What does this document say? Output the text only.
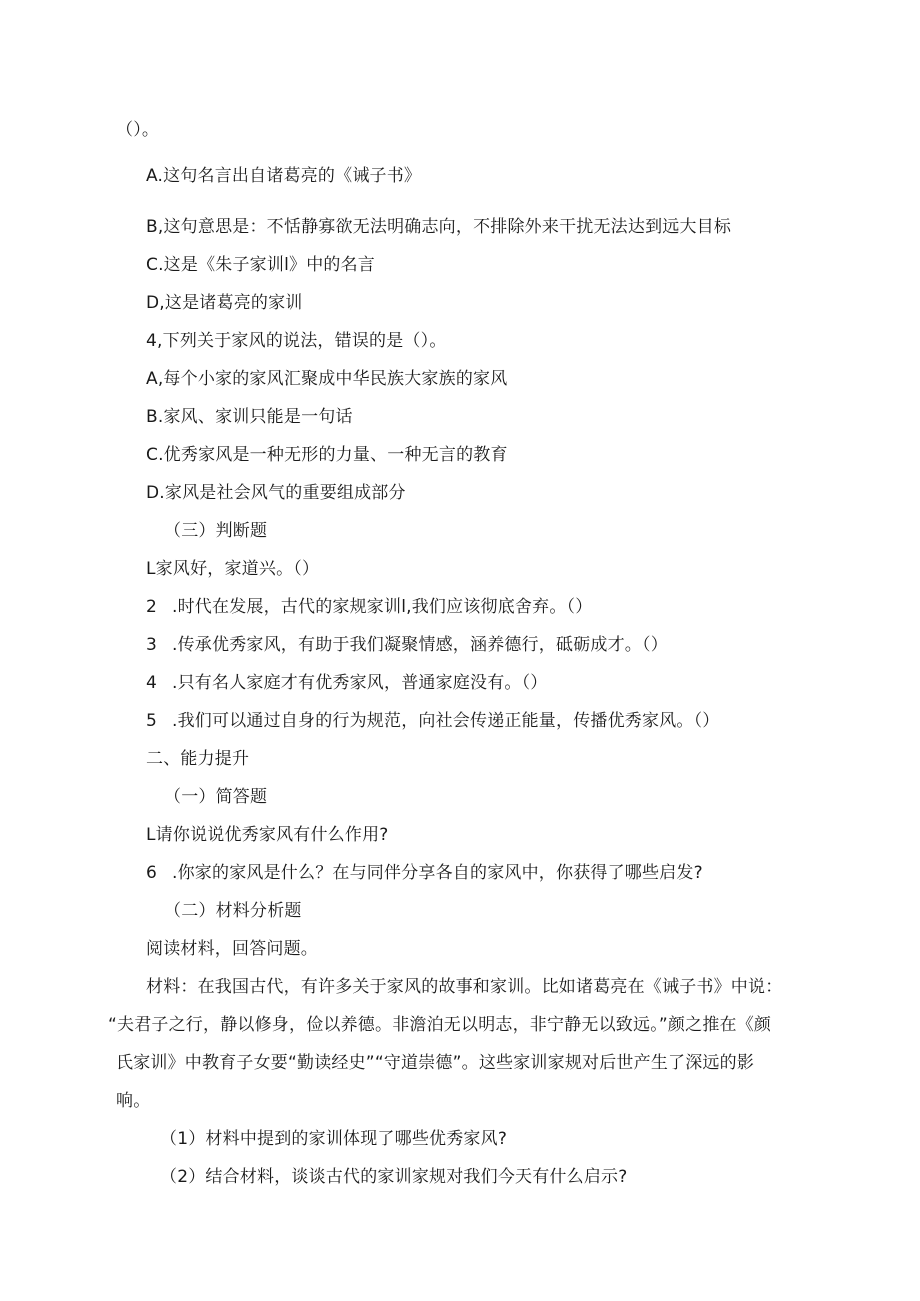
（）。
A.这句名言出自诸葛亮的《诫子书》
B,这句意思是：不恬静寡欲无法明确志向，不排除外来干扰无法达到远大目标
C.这是《朱子家训l》中的名言
D,这是诸葛亮的家训
4,下列关于家风的说法，错误的是（）。
A,每个小家的家风汇聚成中华民族大家族的家风
B.家风、家训只能是一句话
C.优秀家风是一种无形的力量、一种无言的教育
D.家风是社会风气的重要组成部分
（三）判断题
L家风好，家道兴。（）
2 .时代在发展，古代的家规家训l,我们应该彻底舍弃。（）
3 .传承优秀家风，有助于我们凝聚情感，涵养德行，砥砺成才。（）
4 .只有名人家庭才有优秀家风，普通家庭没有。（）
5 .我们可以通过自身的行为规范，向社会传递正能量，传播优秀家风。（）
二、能力提升
（一）简答题
L请你说说优秀家风有什么作用?
6 .你家的家风是什么？在与同伴分享各自的家风中，你获得了哪些启发?
（二）材料分析题
阅读材料，回答问题。
材料：在我国古代，有许多关于家风的故事和家训。比如诸葛亮在《诫子书》中说：
“夫君子之行，静以修身，俭以养德。非澹泊无以明志，非宁静无以致远。”颜之推在《颜
氏家训》中教育子女要“勤读经史”“守道崇德”。这些家训家规对后世产生了深远的影
响。
（1）材料中提到的家训体现了哪些优秀家风?
（2）结合材料，谈谈古代的家训家规对我们今天有什么启示?
